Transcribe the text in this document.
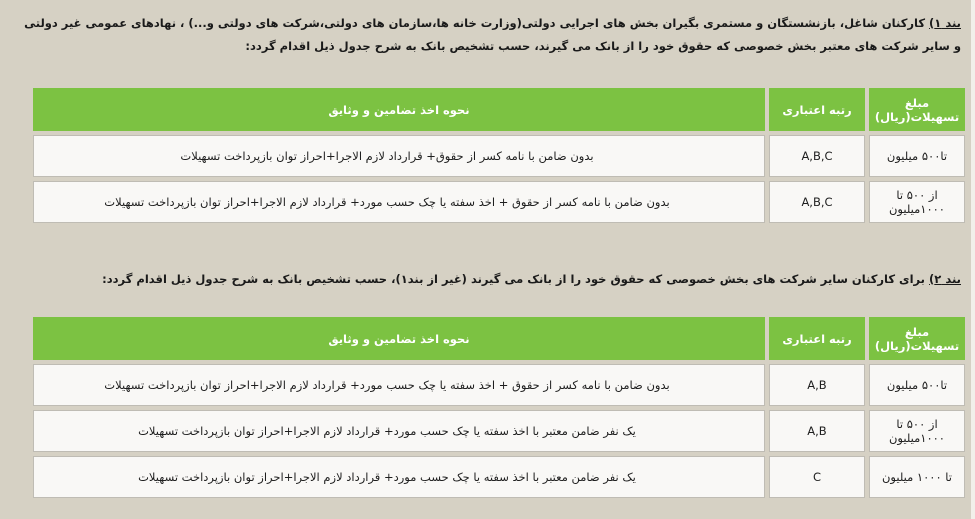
بند ۱) کارکنان شاغل، بازنشستگان و مستمری بگیران بخش های اجرایی دولتی(وزارت خانه ها،سازمان های دولتی،شرکت های دولتی و...) ، نهادهای عمومی غیر دولتی و سایر شرکت های معتبر بخش خصوصی که حقوق خود را از بانک می گیرند، حسب تشخیص بانک به شرح جدول ذیل اقدام گردد:

مبلغ تسهیلات(ریال)	رتبه اعتباری	نحوه اخذ تضامین و وثایق
تا۵۰۰ میلیون	A,B,C	بدون ضامن با نامه کسر از حقوق+ قرارداد لازم الاجرا+احراز توان بازپرداخت تسهیلات
از ۵۰۰ تا ۱۰۰۰میلیون	A,B,C	بدون ضامن با نامه کسر از حقوق + اخذ سفته یا چک حسب مورد+ قرارداد لازم الاجرا+احراز توان بازپرداخت تسهیلات

بند ۲) برای کارکنان سایر شرکت های بخش خصوصی که حقوق خود را از بانک می گیرند (غیر از بند۱)، حسب تشخیص بانک به شرح جدول ذیل اقدام گردد:

مبلغ تسهیلات(ریال)	رتبه اعتباری	نحوه اخذ تضامین و وثایق
تا۵۰۰ میلیون	A,B	بدون ضامن با نامه کسر از حقوق + اخذ سفته یا چک حسب مورد+ قرارداد لازم الاجرا+احراز توان بازپرداخت تسهیلات
از ۵۰۰ تا ۱۰۰۰میلیون	A,B	یک نفر ضامن معتبر با اخذ سفته یا چک حسب مورد+ قرارداد لازم الاجرا+احراز توان بازپرداخت تسهیلات
تا ۱۰۰۰ میلیون	C	یک نفر ضامن معتبر با اخذ سفته یا چک حسب مورد+ قرارداد لازم الاجرا+احراز توان بازپرداخت تسهیلات
